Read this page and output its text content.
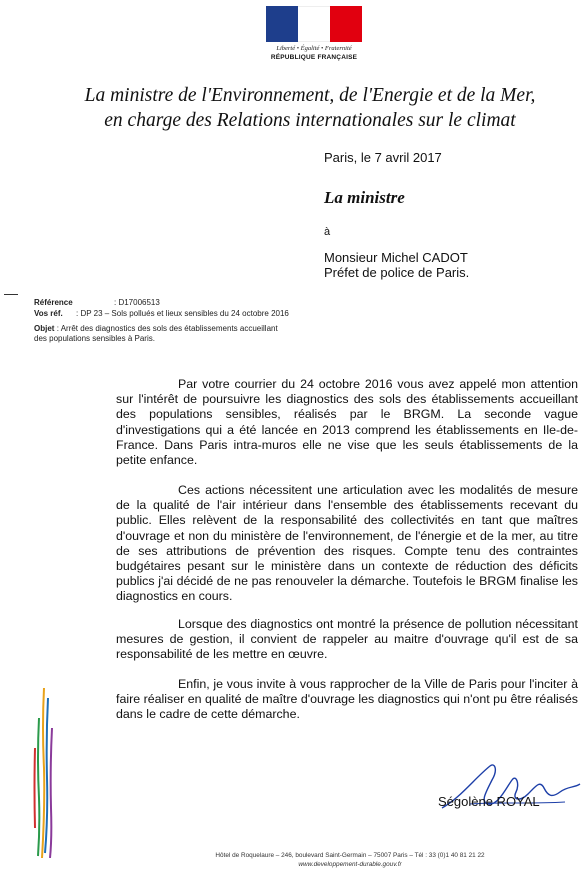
Liberté • Égalité • Fraternité
RÉPUBLIQUE FRANÇAISE
La ministre de l'Environnement, de l'Energie et de la Mer,
en charge des Relations internationales sur le climat
Paris, le 7 avril 2017
La ministre
à
Monsieur Michel CADOT
Préfet de police de Paris.
Référence	: D17006513
Vos réf. : DP 23 – Sols pollués et lieux sensibles du 24 octobre 2016
Objet : Arrêt des diagnostics des sols des établissements accueillant
des populations sensibles à Paris.
Par votre courrier du 24 octobre 2016 vous avez appelé mon attention sur l'intérêt de poursuivre les diagnostics des sols des établissements accueillant des populations sensibles, réalisés par le BRGM. La seconde vague d'investigations qui a été lancée en 2013 comprend les établissements en Ile-de-France. Dans Paris intra-muros elle ne vise que les seuls établissements de la petite enfance.
Ces actions nécessitent une articulation avec les modalités de mesure de la qualité de l'air intérieur dans l'ensemble des établissements recevant du public. Elles relèvent de la responsabilité des collectivités en tant que maîtres d'ouvrage et non du ministère de l'environnement, de l'énergie et de la mer, au titre de ses attributions de prévention des risques. Compte tenu des contraintes budgétaires pesant sur le ministère dans un contexte de réduction des déficits publics j'ai décidé de ne pas renouveler la démarche. Toutefois le BRGM finalise les diagnostics en cours.
Lorsque des diagnostics ont montré la présence de pollution nécessitant mesures de gestion, il convient de rappeler au maitre d'ouvrage qu'il est de sa responsabilité de les mettre en œuvre.
Enfin, je vous invite à vous rapprocher de la Ville de Paris pour l'inciter à faire réaliser en qualité de maître d'ouvrage les diagnostics qui n'ont pu être réalisés dans le cadre de cette démarche.
Ségolène ROYAL
Hôtel de Roquelaure – 246, boulevard Saint-Germain – 75007 Paris – Tél : 33 (0)1 40 81 21 22
www.developpement-durable.gouv.fr
